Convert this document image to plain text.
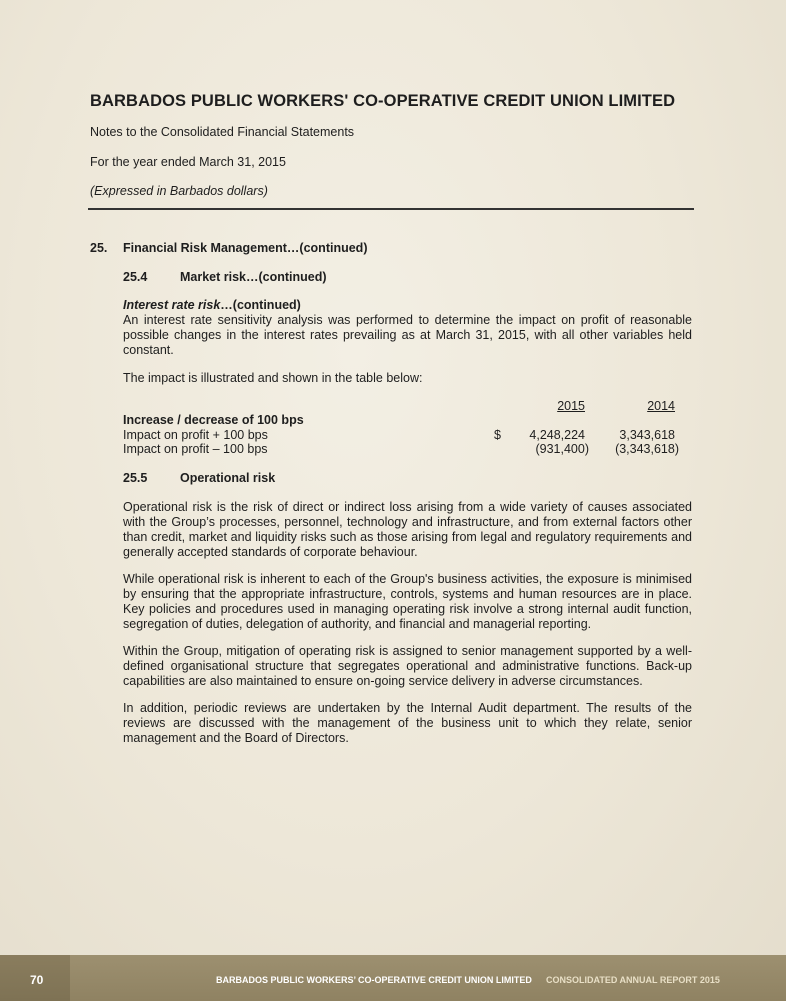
BARBADOS PUBLIC WORKERS' CO-OPERATIVE CREDIT UNION LIMITED
Notes to the Consolidated Financial Statements
For the year ended March 31, 2015
(Expressed in Barbados dollars)
25. Financial Risk Management…(continued)
25.4	Market risk…(continued)
Interest rate risk…(continued)
An interest rate sensitivity analysis was performed to determine the impact on profit of reasonable possible changes in the interest rates prevailing as at March 31, 2015, with all other variables held constant.
The impact is illustrated and shown in the table below:
2015	2014
Increase / decrease of 100 bps
Impact on profit + 100 bps	$	4,248,224	3,343,618
Impact on profit – 100 bps	(931,400)	(3,343,618)
25.5	Operational risk
Operational risk is the risk of direct or indirect loss arising from a wide variety of causes associated with the Group’s processes, personnel, technology and infrastructure, and from external factors other than credit, market and liquidity risks such as those arising from legal and regulatory requirements and generally accepted standards of corporate behaviour.
While operational risk is inherent to each of the Group's business activities, the exposure is minimised by ensuring that the appropriate infrastructure, controls, systems and human resources are in place. Key policies and procedures used in managing operating risk involve a strong internal audit function, segregation of duties, delegation of authority, and financial and managerial reporting.
Within the Group, mitigation of operating risk is assigned to senior management supported by a well-defined organisational structure that segregates operational and administrative functions. Back-up capabilities are also maintained to ensure on-going service delivery in adverse circumstances.
In addition, periodic reviews are undertaken by the Internal Audit department. The results of the reviews are discussed with the management of the business unit to which they relate, senior management and the Board of Directors.
70	BARBADOS PUBLIC WORKERS’ CO-OPERATIVE CREDIT UNION LIMITED CONSOLIDATED ANNUAL REPORT 2015
